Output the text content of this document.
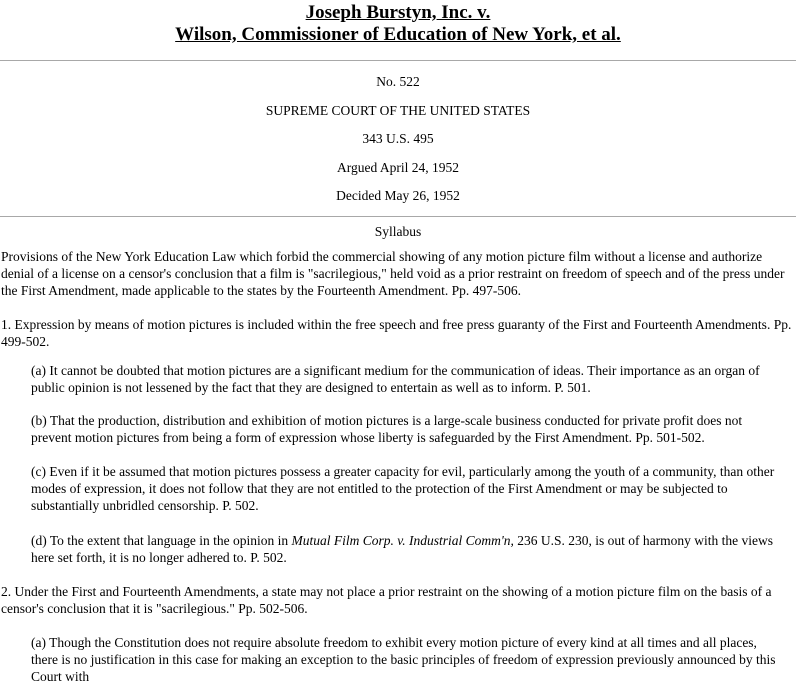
Joseph Burstyn, Inc. v.
Wilson, Commissioner of Education of New York, et al.

No. 522

SUPREME COURT OF THE UNITED STATES

343 U.S. 495

Argued April 24, 1952

Decided May 26, 1952

Syllabus

Provisions of the New York Education Law which forbid the commercial showing of any motion picture film without a license and authorize denial of a license on a censor's conclusion that a film is "sacrilegious," held void as a prior restraint on freedom of speech and of the press under the First Amendment, made applicable to the states by the Fourteenth Amendment. Pp. 497-506.

1. Expression by means of motion pictures is included within the free speech and free press guaranty of the First and Fourteenth Amendments. Pp. 499-502.

(a) It cannot be doubted that motion pictures are a significant medium for the communication of ideas. Their importance as an organ of public opinion is not lessened by the fact that they are designed to entertain as well as to inform. P. 501.

(b) That the production, distribution and exhibition of motion pictures is a large-scale business conducted for private profit does not prevent motion pictures from being a form of expression whose liberty is safeguarded by the First Amendment. Pp. 501-502.

(c) Even if it be assumed that motion pictures possess a greater capacity for evil, particularly among the youth of a community, than other modes of expression, it does not follow that they are not entitled to the protection of the First Amendment or may be subjected to substantially unbridled censorship. P. 502.

(d) To the extent that language in the opinion in Mutual Film Corp. v. Industrial Comm'n, 236 U.S. 230, is out of harmony with the views here set forth, it is no longer adhered to. P. 502.

2. Under the First and Fourteenth Amendments, a state may not place a prior restraint on the showing of a motion picture film on the basis of a censor's conclusion that it is "sacrilegious." Pp. 502-506.

(a) Though the Constitution does not require absolute freedom to exhibit every motion picture of every kind at all times and all places, there is no justification in this case for making an exception to the basic principles of freedom of expression previously announced by this Court with
